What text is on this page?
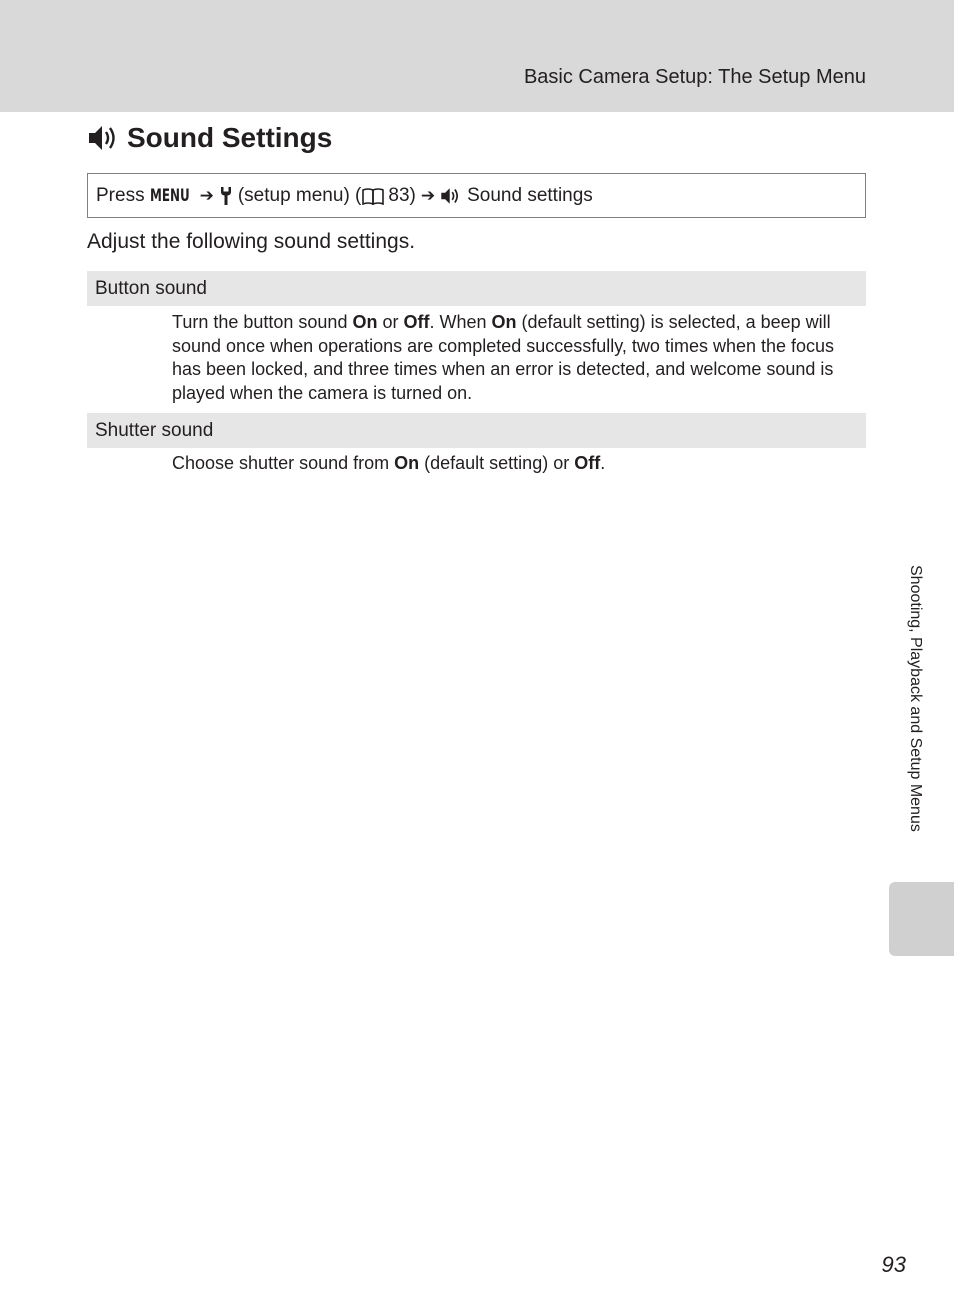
Basic Camera Setup: The Setup Menu
Sound Settings
Press MENU ➔ (setup menu) ( 83) ➔ Sound settings
Adjust the following sound settings.
Button sound
Turn the button sound On or Off. When On (default setting) is selected, a beep will sound once when operations are completed successfully, two times when the focus has been locked, and three times when an error is detected, and welcome sound is played when the camera is turned on.
Shutter sound
Choose shutter sound from On (default setting) or Off.
Shooting, Playback and Setup Menus
93
